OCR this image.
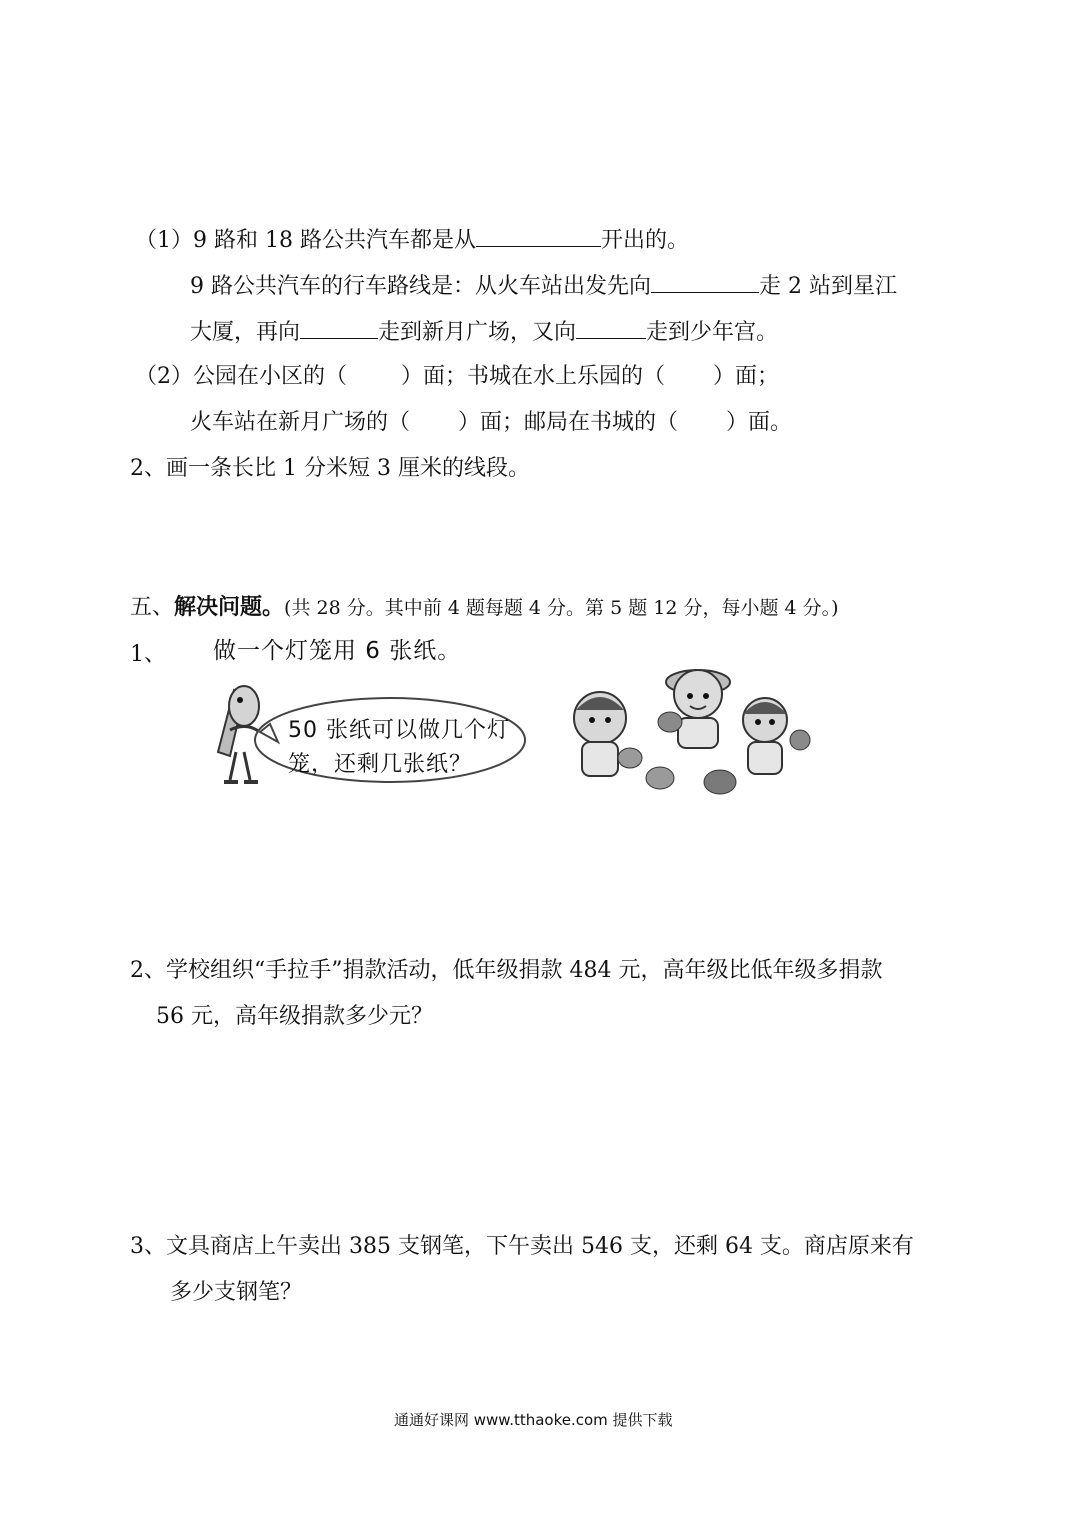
（1）9 路和 18 路公共汽车都是从	开出的。
9 路公共汽车的行车路线是：从火车站出发先向	走 2 站到星江
大厦，再向	走到新月广场，又向	走到少年宫。
（2）公园在小区的（ ）面；书城在水上乐园的（ ）面；
火车站在新月广场的（ ）面；邮局在书城的（ ）面。
2、画一条长比 1 分米短 3 厘米的线段。
五、解决问题。(共 28 分。其中前 4 题每题 4 分。第 5 题 12 分，每小题 4 分。)
1、 做一个灯笼用 6 张纸。
50 张纸可以做几个灯
笼，还剩几张纸？
2、学校组织“手拉手”捐款活动，低年级捐款 484 元，高年级比低年级多捐款
56 元，高年级捐款多少元？
3、文具商店上午卖出 385 支钢笔，下午卖出 546 支，还剩 64 支。商店原来有
多少支钢笔？
通通好课网 www.tthaoke.com 提供下载
